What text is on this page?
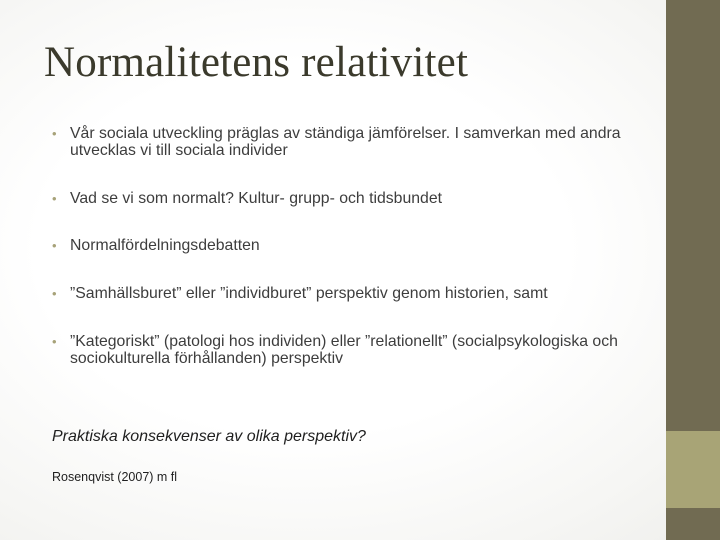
Normalitetens relativitet
• Vår sociala utveckling präglas av ständiga jämförelser. I samverkan med andra utvecklas vi till sociala individer
• Vad se vi som normalt? Kultur- grupp- och tidsbundet
• Normalfördelningsdebatten
• ”Samhällsburet” eller ”individburet” perspektiv genom historien, samt
• ”Kategoriskt” (patologi hos individen) eller ”relationellt” (socialpsykologiska och sociokulturella förhållanden) perspektiv

Praktiska konsekvenser av olika perspektiv?

Rosenqvist (2007) m fl
